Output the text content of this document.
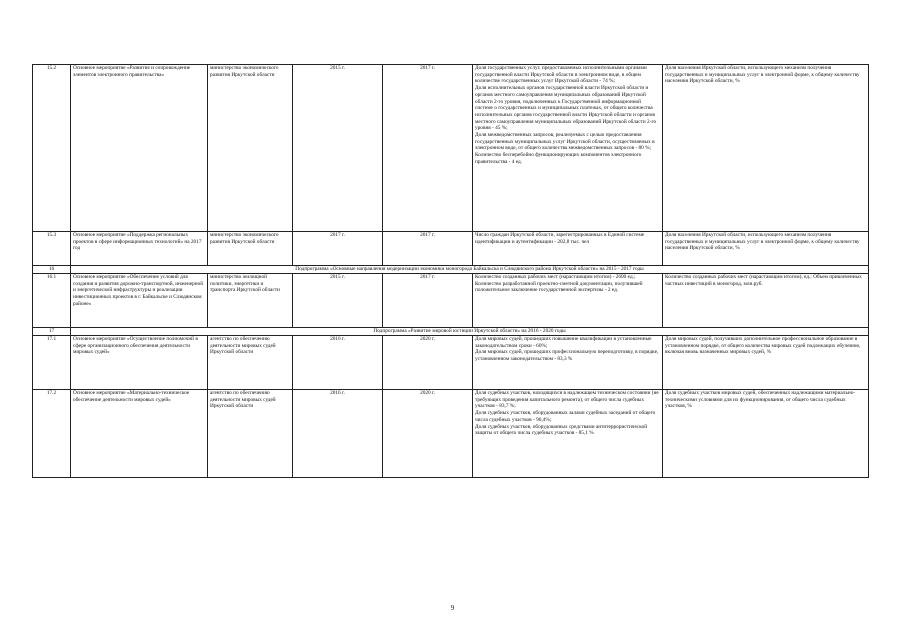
15.2	Основное мероприятие «Развитие и сопровождение элементов электронного правительства»	министерство экономического развития Иркутской области	2015 г.	2017 г.	Доля государственных услуг, предоставляемых исполнительными органами государственной власти Иркутской области в электронном виде, в общем количестве государственных услуг Иркутской области - 74 %;
Доля исполнительных органов государственной власти Иркутской области и органов местного самоуправления муниципальных образований Иркутской области 2-го уровня, подключенных к Государственной информационной системе о государственных и муниципальных платежах, от общего количества исполнительных органов государственной власти Иркутской области и органов местного самоуправления муниципальных образований Иркутской области 2-го уровня - 45 %;
Доля межведомственных запросов, реализуемых с целью предоставления государственных муниципальных услуг Иркутской области, осуществляемых в электронном виде, от общего количества межведомственных запросов - 80 %;
Количество бесперебойно функционирующих компонентов электронного правительства - 4 ед.	Доля населения Иркутской области, использующего механизм получения государственных и муниципальных услуг в электронной форме, к общему количеству населения Иркутской области, %
15.3	Основное мероприятие «Поддержка региональных проектов в сфере информационных технологий» на 2017 год	министерство экономического развития Иркутской области	2017 г.	2017 г.	Число граждан Иркутской области, зарегистрированных в Единой системе идентификации и аутентификации - 202,8 тыс. чел	Доля населения Иркутской области, использующего механизм получения государственных и муниципальных услуг в электронной форме, к общему количеству населения Иркутской области, %
16	Подпрограмма «Основные направления модернизации экономики моногорода Байкальска и Слюдянского района Иркутской области» на 2015 - 2017 годы					
16.1	Основное мероприятие «Обеспечение условий для создания и развития дорожно-транспортной, инженерной и энергетической инфраструктуры и реализации инвестиционных проектов в г. Байкальске и Слюдянском районе»	министерство жилищной политики, энергетики и транспорта Иркутской области	2015 г.	2017 г.	Количество созданных рабочих мест (нарастающим итогом) - 2600 ед.;
Количество разработанной проектно-сметной документации, получившей положительное заключение государственной экспертизы - 2 ед.	Количество созданных рабочих мест (нарастающим итогом), ед.; Объем привлеченных частных инвестиций в моногород, млн.руб.
17	Подпрограмма «Развитие мировой юстиции Иркутской области» на 2016 - 2020 годы					
17.1	Основное мероприятие «Осуществление полномочий в сфере организационного обеспечения деятельности мировых судей»	агентство по обеспечению деятельности мировых судей Иркутской области	2016 г.	2020 г.	Доля мировых судей, прошедших повышение квалификации в установленные законодательством сроки - 60%;
Доля мировых судей, прошедших профессиональную переподготовку, в порядке, установленном законодательством - 83,3 %	Доля мировых судей, получивших дополнительное профессиональное образование в установленном порядке, от общего количества мировых судей подлежащих обучению, включая вновь назначенных мировых судей, %
17.2	Основное мероприятие «Материально-техническое обеспечение деятельности мировых судей»	агентство по обеспечению деятельности мировых судей Иркутской области	2016 г.	2020 г.	Доля судебных участков, находящихся в надлежащем техническом состоянии (не требующих проведения капитального ремонта), от общего числа судебных участков - 83,7 %;
Доля судебных участков, оборудованных залами судебных заседаний от общего числа судебных участков - 96,4%;
Доля судебных участков, оборудованных средствами антитеррористической защиты от общего числа судебных участков - 85,1 %	Доля судебных участков мировых судей, обеспеченных надлежащими материально-техническими условиями для их функционирования, от общего числа судебных участков, %
9
